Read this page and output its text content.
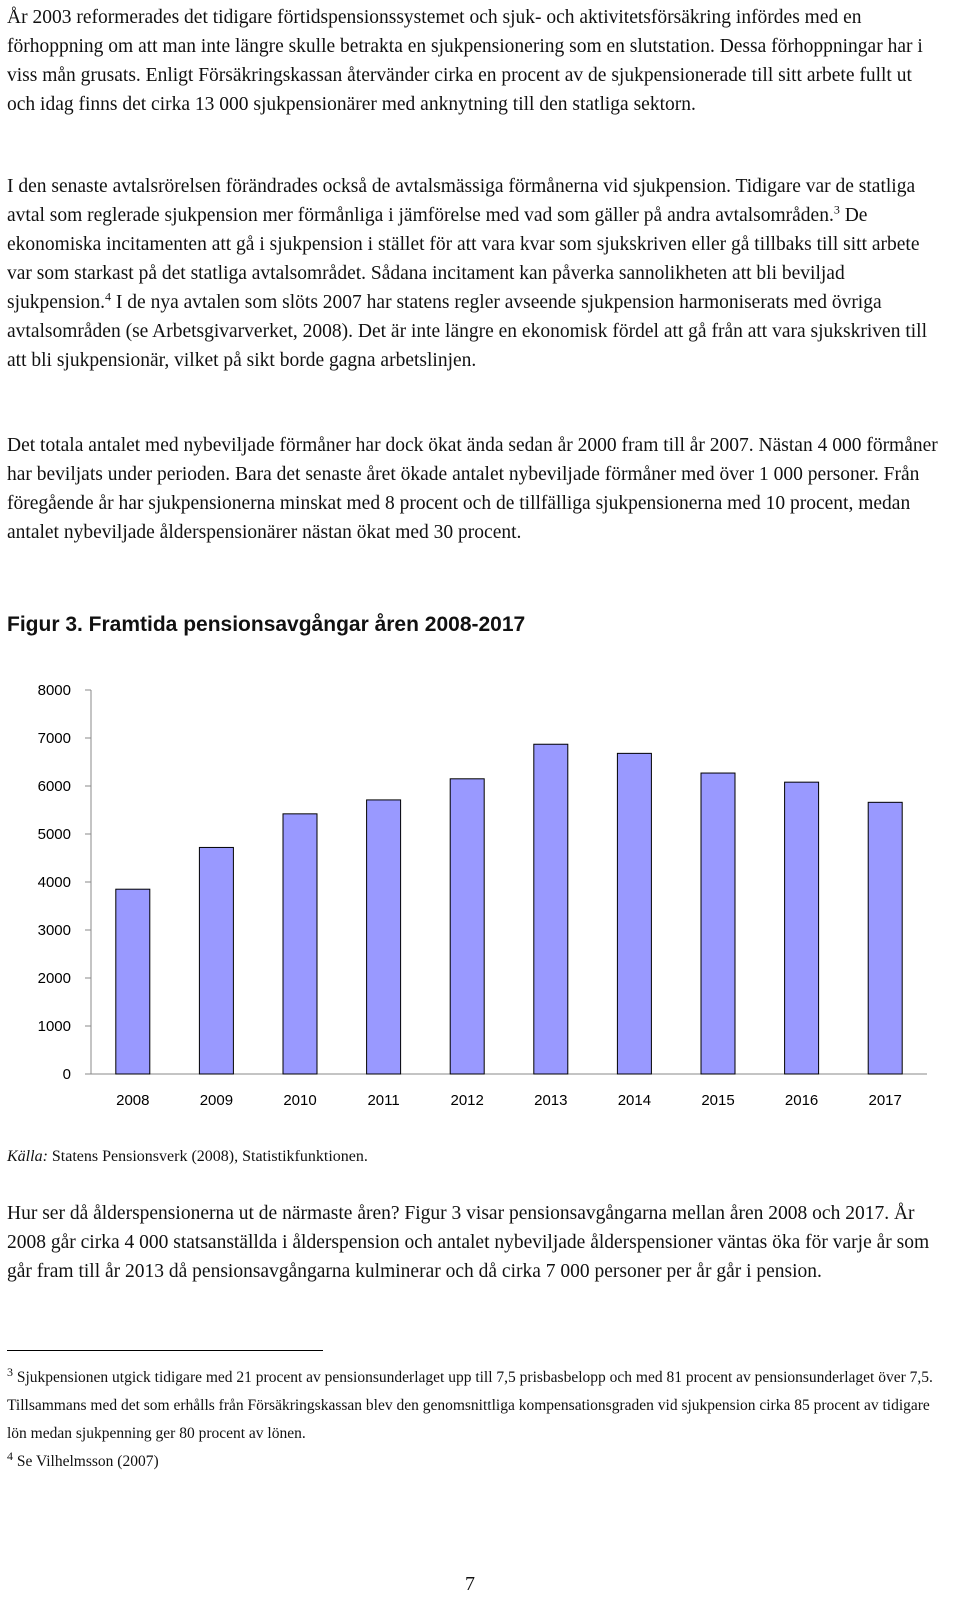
År 2003 reformerades det tidigare förtidspensionssystemet och sjuk- och aktivitetsförsäkring infördes med en förhoppning om att man inte längre skulle betrakta en sjukpensionering som en slutstation. Dessa förhoppningar har i viss mån grusats. Enligt Försäkringskassan återvänder cirka en procent av de sjukpensionerade till sitt arbete fullt ut och idag finns det cirka 13 000 sjukpensionärer med anknytning till den statliga sektorn.

I den senaste avtalsrörelsen förändrades också de avtalsmässiga förmånerna vid sjukpension. Tidigare var de statliga avtal som reglerade sjukpension mer förmånliga i jämförelse med vad som gäller på andra avtalsområden.$^3$ De ekonomiska incitamenten att gå i sjukpension i stället för att vara kvar som sjukskriven eller gå tillbaks till sitt arbete var som starkast på det statliga avtalsområdet. Sådana incitament kan påverka sannolikheten att bli beviljad sjukpension.$^4$ I de nya avtalen som slöts 2007 har statens regler avseende sjukpension harmoniserats med övriga avtalsområden (se Arbetsgivarverket, 2008). Det är inte längre en ekonomisk fördel att gå från att vara sjukskriven till att bli sjukpensionär, vilket på sikt borde gagna arbetslinjen.

Det totala antalet med nybeviljade förmåner har dock ökat ända sedan år 2000 fram till år 2007. Nästan 4 000 förmåner har beviljats under perioden. Bara det senaste året ökade antalet nybeviljade förmåner med över 1 000 personer. Från föregående år har sjukpensionerna minskat med 8 procent och de tillfälliga sjukpensionerna med 10 procent, medan antalet nybeviljade ålderspensionärer nästan ökat med 30 procent.

Figur 3. Framtida pensionsavgångar åren 2008-2017
0
1000
2000
3000
4000
5000
6000
7000
8000
2008	2009	2010	2011	2012	2013	2014	2015	2016	2017

Källa: Statens Pensionsverk (2008), Statistikfunktionen.

Hur ser då ålderspensionerna ut de närmaste åren? Figur 3 visar pensionsavgångarna mellan åren 2008 och 2017. År 2008 går cirka 4 000 statsanställda i ålderspension och antalet nybeviljade ålderspensioner väntas öka för varje år som går fram till år 2013 då pensionsavgångarna kulminerar och då cirka 7 000 personer per år går i pension.

$^3$ Sjukpensionen utgick tidigare med 21 procent av pensionsunderlaget upp till 7,5 prisbasbelopp och med 81 procent av pensionsunderlaget över 7,5. Tillsammans med det som erhålls från Försäkringskassan blev den genomsnittliga kompensationsgraden vid sjukpension cirka 85 procent av tidigare lön medan sjukpenning ger 80 procent av lönen.

$^4$ Se Vilhelmsson (2007)

7
